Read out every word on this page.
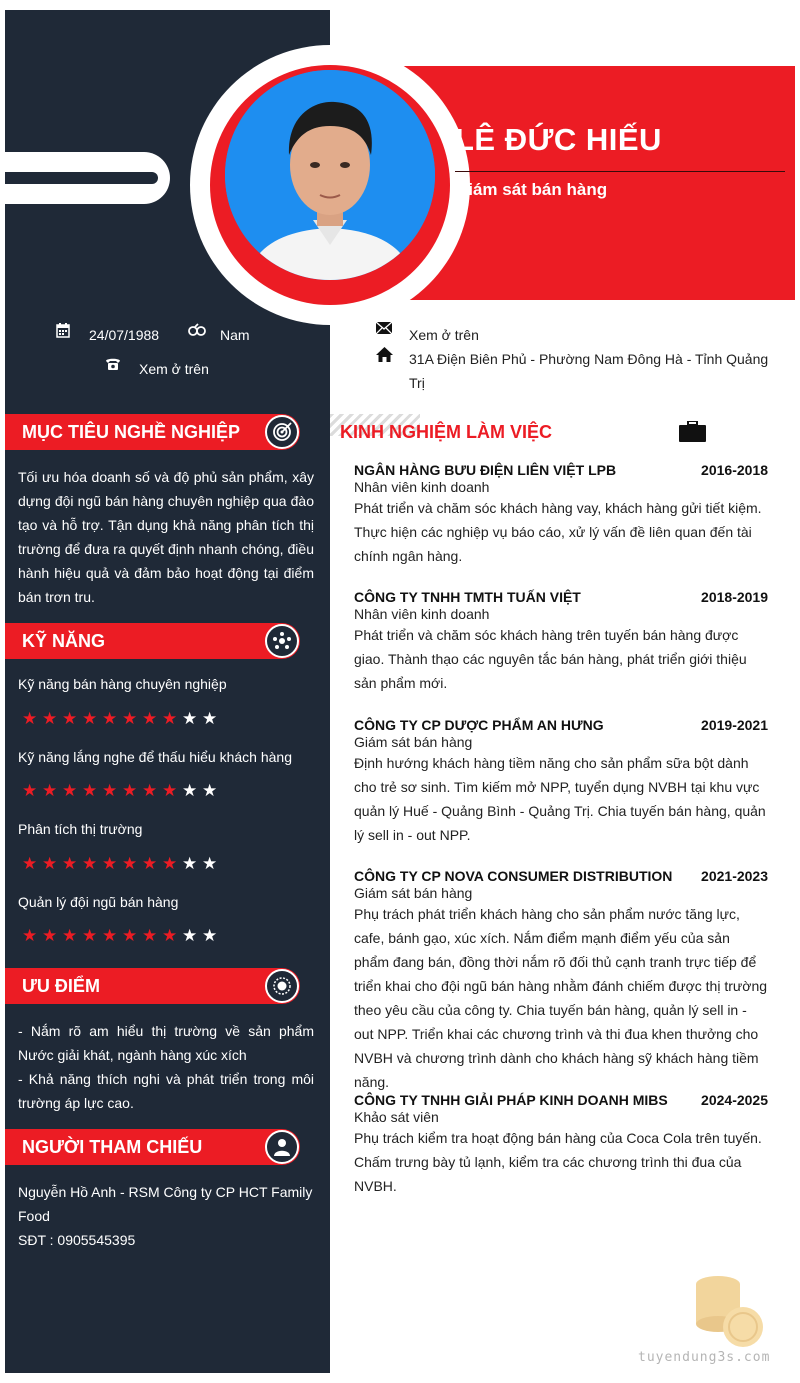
LÊ ĐỨC HIẾU
Giám sát bán hàng
24/07/1988	Nam
Xem ở trên
Xem ở trên
31A Điện Biên Phủ - Phường Nam Đông Hà - Tỉnh Quảng Trị
MỤC TIÊU NGHỀ NGHIỆP
Tối ưu hóa doanh số và độ phủ sản phẩm, xây dựng đội ngũ bán hàng chuyên nghiệp qua đào tạo và hỗ trợ. Tận dụng khả năng phân tích thị trường để đưa ra quyết định nhanh chóng, điều hành hiệu quả và đảm bảo hoạt động tại điểm bán trơn tru.
KỸ NĂNG
Kỹ năng bán hàng chuyên nghiệp
★ ★ ★ ★ ★ ★ ★ ★ ★ ★
Kỹ năng lắng nghe để thấu hiểu khách hàng
★ ★ ★ ★ ★ ★ ★ ★ ★ ★
Phân tích thị trường
★ ★ ★ ★ ★ ★ ★ ★ ★ ★
Quản lý đội ngũ bán hàng
★ ★ ★ ★ ★ ★ ★ ★ ★ ★
ƯU ĐIỂM
- Nắm rõ am hiểu thị trường về sản phẩm Nước giải khát, ngành hàng xúc xích
- Khả năng thích nghi và phát triển trong môi trường áp lực cao.
NGƯỜI THAM CHIẾU
Nguyễn Hồ Anh - RSM Công ty CP HCT Family Food
SĐT : 0905545395
KINH NGHIỆM LÀM VIỆC
NGÂN HÀNG BƯU ĐIỆN LIÊN VIỆT LPB	2016-2018
Nhân viên kinh doanh
Phát triển và chăm sóc khách hàng vay, khách hàng gửi tiết kiệm. Thực hiện các nghiệp vụ báo cáo, xử lý vấn đề liên quan đến tài chính ngân hàng.
CÔNG TY TNHH TMTH TUẤN VIỆT	2018-2019
Nhân viên kinh doanh
Phát triển và chăm sóc khách hàng trên tuyến bán hàng được giao. Thành thạo các nguyên tắc bán hàng, phát triển giới thiệu sản phẩm mới.
CÔNG TY CP DƯỢC PHẨM AN HƯNG	2019-2021
Giám sát bán hàng
Định hướng khách hàng tiềm năng cho sản phẩm sữa bột dành cho trẻ sơ sinh. Tìm kiếm mở NPP, tuyển dụng NVBH tại khu vực quản lý Huế - Quảng Bình - Quảng Trị. Chia tuyến bán hàng, quản lý sell in - out NPP.
CÔNG TY CP NOVA CONSUMER DISTRIBUTION 2021-2023
Giám sát bán hàng
Phụ trách phát triển khách hàng cho sản phẩm nước tăng lực, cafe, bánh gạo, xúc xích. Nắm điểm mạnh điểm yếu của sản phẩm đang bán, đồng thời nắm rõ đối thủ cạnh tranh trực tiếp để triển khai cho đội ngũ bán hàng nhằm đánh chiếm được thị trường theo yêu cầu của công ty. Chia tuyến bán hàng, quản lý sell in - out NPP. Triển khai các chương trình và thi đua khen thưởng cho NVBH và chương trình dành cho khách hàng sỹ khách hàng tiềm năng.
CÔNG TY TNHH GIẢI PHÁP KINH DOANH MIBS 2024-2025
Khảo sát viên
Phụ trách kiểm tra hoạt động bán hàng của Coca Cola trên tuyến. Chấm trưng bày tủ lạnh, kiểm tra các chương trình thi đua của NVBH.
tuyendung3s.com
